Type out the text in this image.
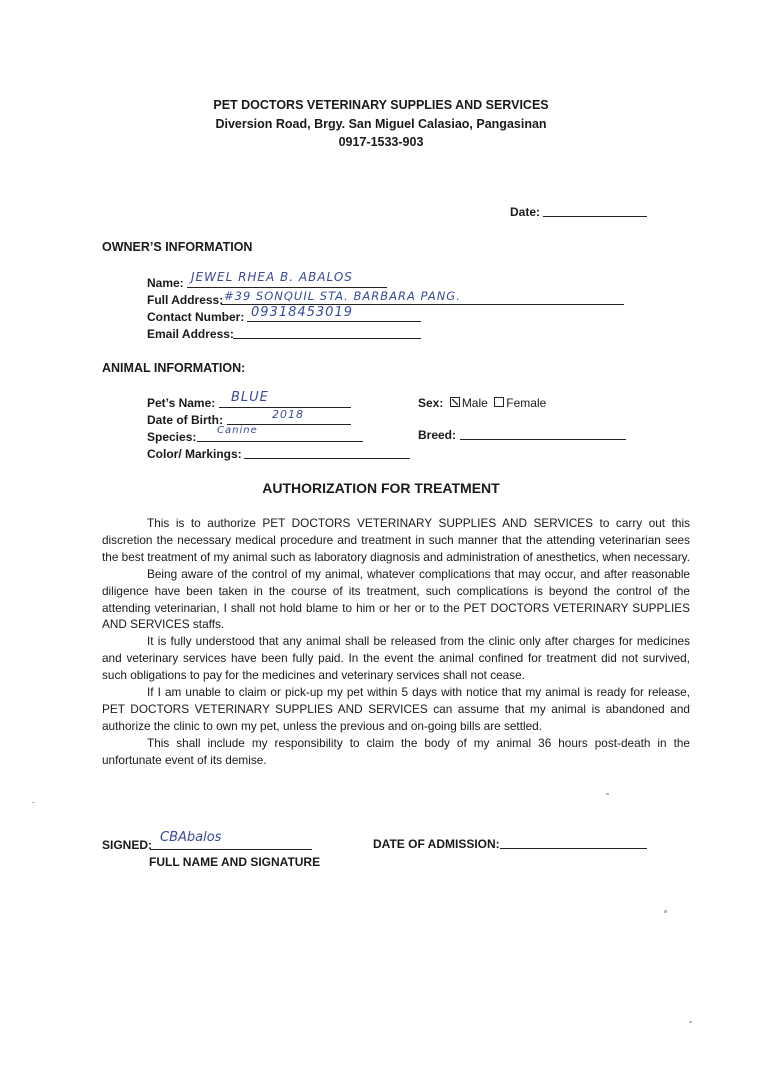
PET DOCTORS VETERINARY SUPPLIES AND SERVICES
Diversion Road, Brgy. San Miguel Calasiao, Pangasinan
0917-1533-903
Date:
OWNER’S INFORMATION
Name: JEWEL RHEA B. ABALOS
Full Address: #39 SONQUIL STA. BARBARA PANG.
Contact Number: 09318453019
Email Address:
ANIMAL INFORMATION:
Pet’s Name: BLUE
Date of Birth:	2018
Species: Canine
Color/ Markings:
Sex: Male Female
Breed:
AUTHORIZATION FOR TREATMENT

This is to authorize PET DOCTORS VETERINARY SUPPLIES AND SERVICES to carry out this discretion the necessary medical procedure and treatment in such manner that the attending veterinarian sees the best treatment of my animal such as laboratory diagnosis and administration of anesthetics, when necessary.

Being aware of the control of my animal, whatever complications that may occur, and after reasonable diligence have been taken in the course of its treatment, such complications is beyond the control of the attending veterinarian, I shall not hold blame to him or her or to the PET DOCTORS VETERINARY SUPPLIES AND SERVICES staffs.

It is fully understood that any animal shall be released from the clinic only after charges for medicines and veterinary services have been fully paid. In the event the animal confined for treatment did not survived, such obligations to pay for the medicines and veterinary services shall not cease.

If I am unable to claim or pick-up my pet within 5 days with notice that my animal is ready for release, PET DOCTORS VETERINARY SUPPLIES AND SERVICES can assume that my animal is abandoned and authorize the clinic to own my pet, unless the previous and on-going bills are settled.

This shall include my responsibility to claim the body of my animal 36 hours post-death in the unfortunate event of its demise.

SIGNED: CBAbalos
FULL NAME AND SIGNATURE
DATE OF ADMISSION:
